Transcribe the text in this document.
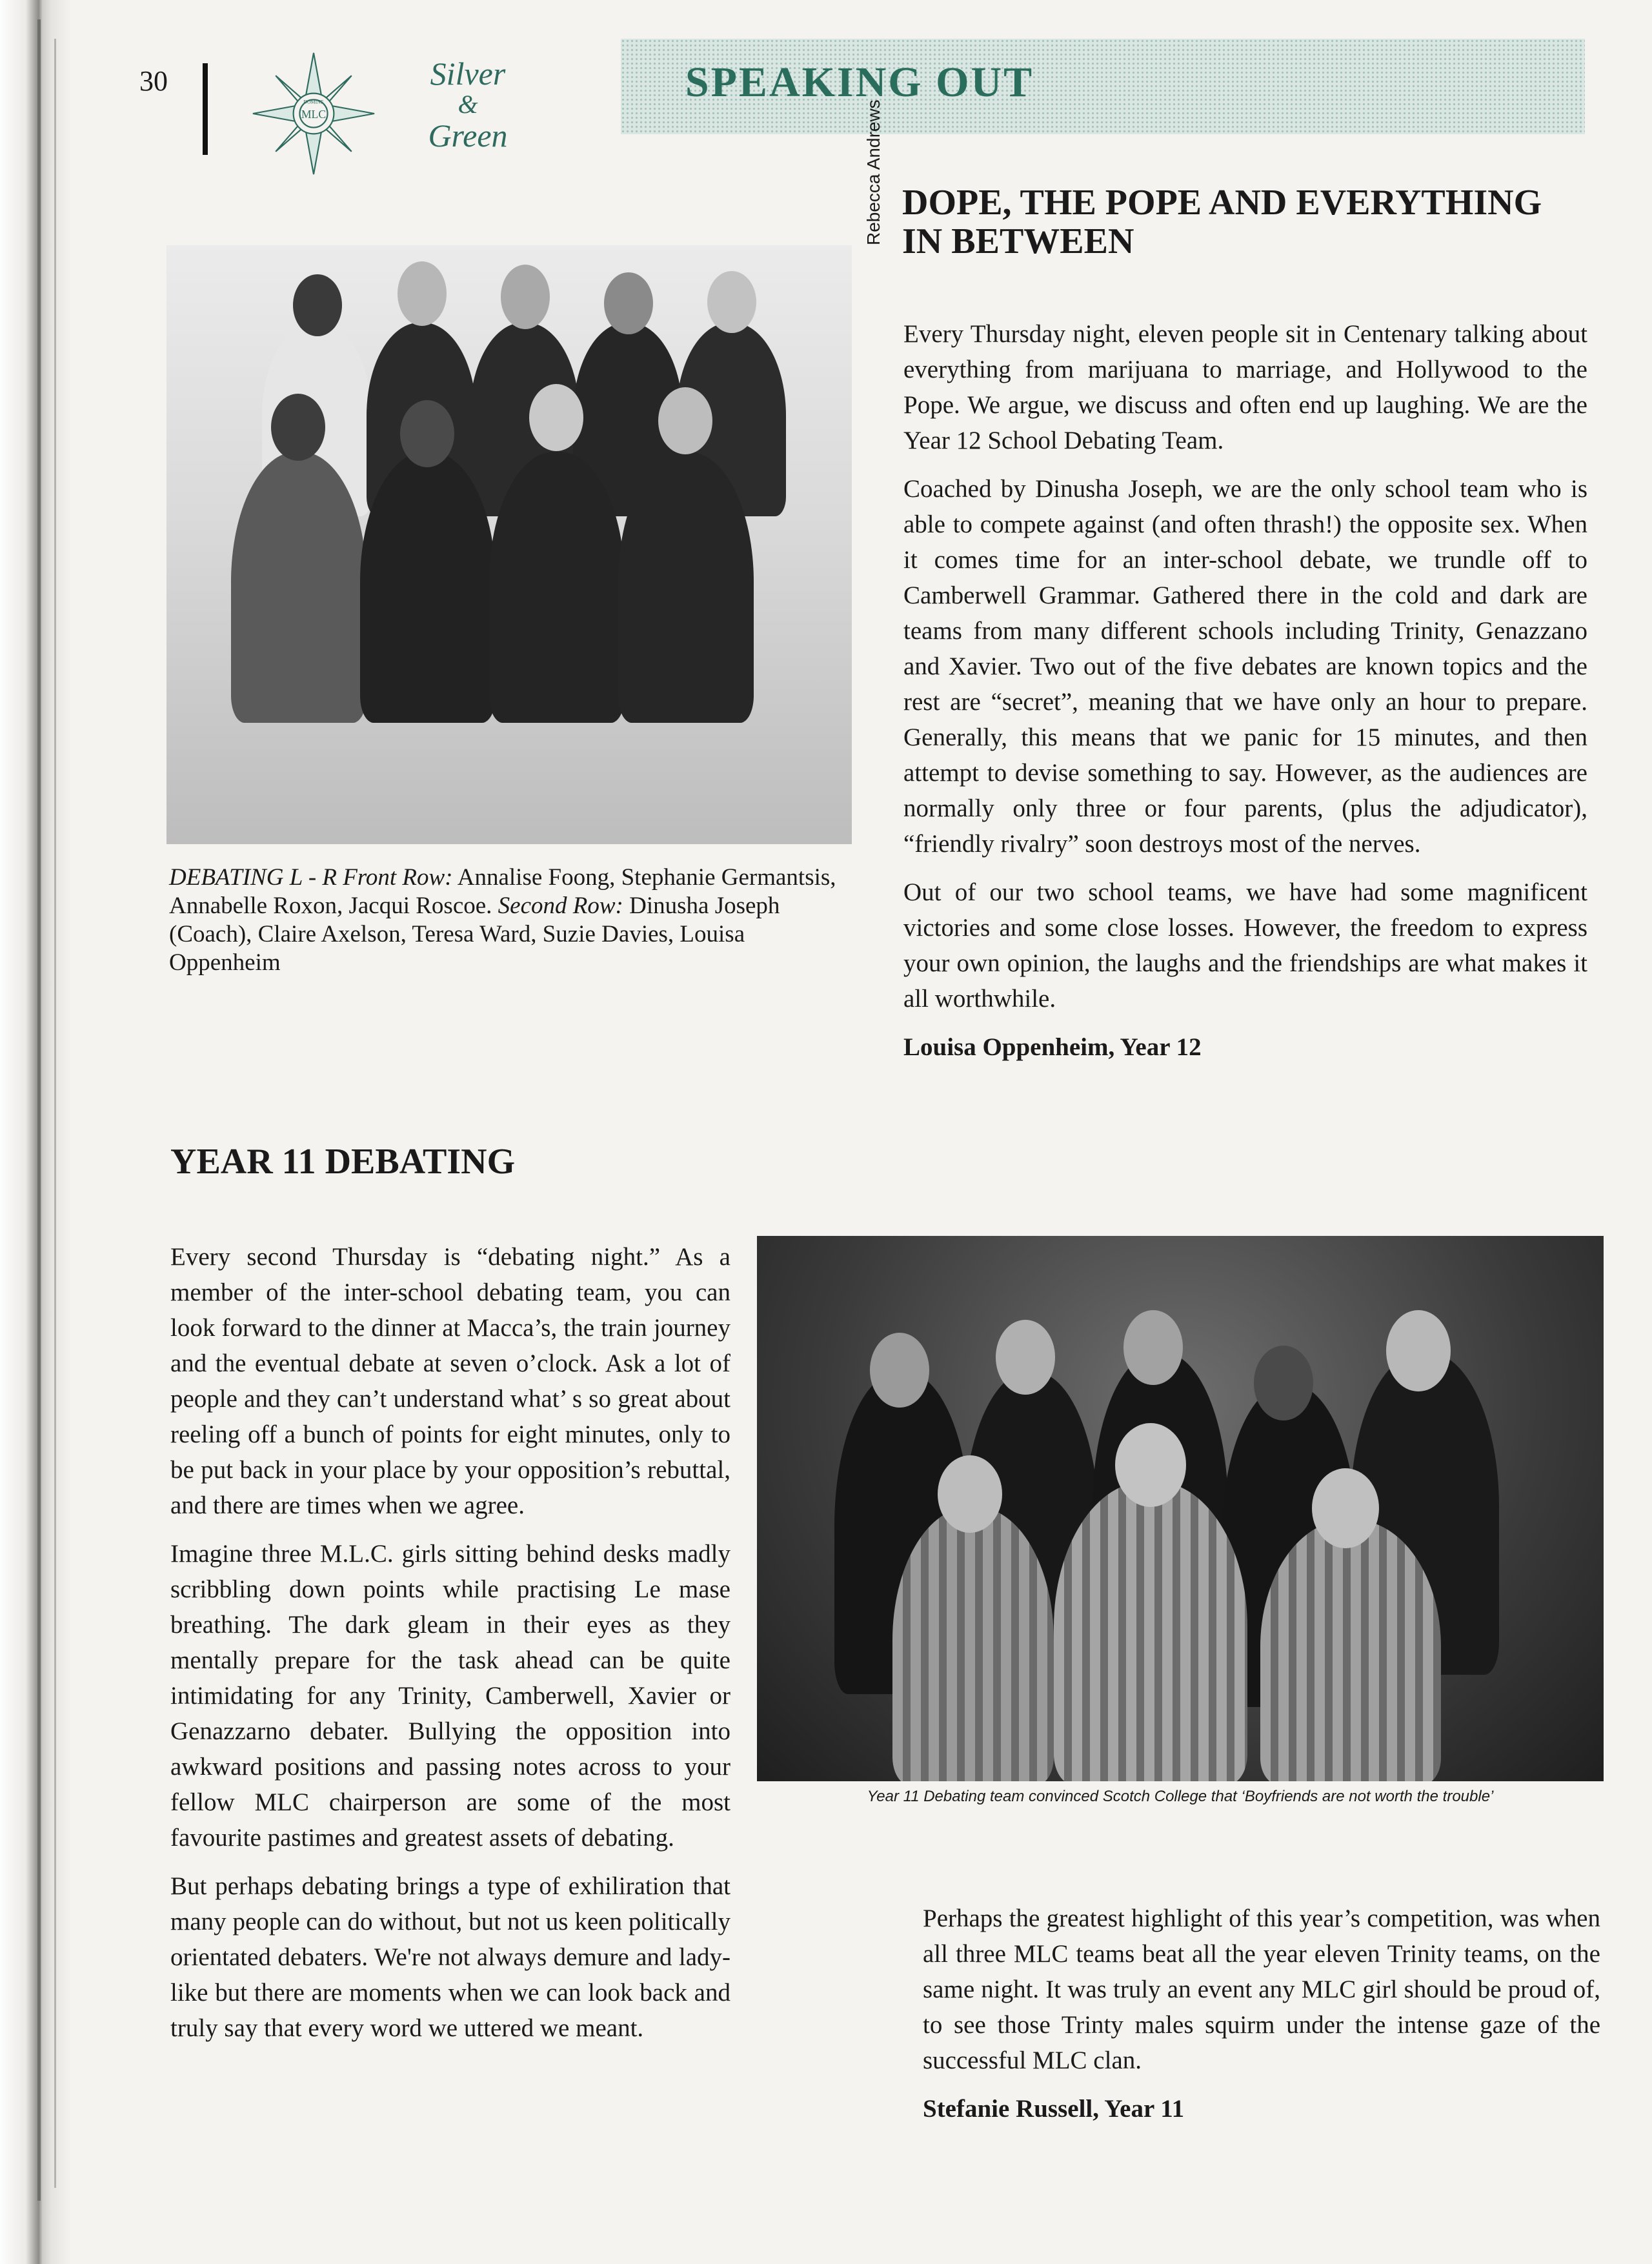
30
MLC
DOMINE
Silver
&
Green
SPEAKING OUT
Rebecca Andrews
DEBATING L - R Front Row: Annalise Foong, Stephanie Germantsis, Annabelle Roxon, Jacqui Roscoe. Second Row: Dinusha Joseph (Coach), Claire Axelson, Teresa Ward, Suzie Davies, Louisa Oppenheim
DOPE, THE POPE AND EVERYTHING IN BETWEEN

Every Thursday night, eleven people sit in Centenary talking about everything from marijuana to marriage, and Hollywood to the Pope. We argue, we discuss and often end up laughing. We are the Year 12 School Debating Team.

Coached by Dinusha Joseph, we are the only school team who is able to compete against (and often thrash!) the opposite sex. When it comes time for an inter-school debate, we trundle off to Camberwell Grammar. Gathered there in the cold and dark are teams from many different schools including Trinity, Genazzano and Xavier. Two out of the five debates are known topics and the rest are “secret”, meaning that we have only an hour to prepare. Generally, this means that we panic for 15 minutes, and then attempt to devise something to say. However, as the audiences are normally only three or four parents, (plus the adjudicator), “friendly rivalry” soon destroys most of the nerves.

Out of our two school teams, we have had some magnificent victories and some close losses. However, the freedom to express your own opinion, the laughs and the friendships are what makes it all worthwhile.

Louisa Oppenheim, Year 12
YEAR 11 DEBATING

Every second Thursday is “debating night.” As a member of the inter-school debating team, you can look forward to the dinner at Macca’s, the train journey and the eventual debate at seven o’clock. Ask a lot of people and they can’t understand what’ s so great about reeling off a bunch of points for eight minutes, only to be put back in your place by your opposition’s rebuttal, and there are times when we agree.

Imagine three M.L.C. girls sitting behind desks madly scribbling down points while practising Le mase breathing. The dark gleam in their eyes as they mentally prepare for the task ahead can be quite intimidating for any Trinity, Camberwell, Xavier or Genazzarno debater. Bullying the opposition into awkward positions and passing notes across to your fellow MLC chairperson are some of the most favourite pastimes and greatest assets of debating.

But perhaps debating brings a type of exhiliration that many people can do without, but not us keen politically orientated debaters. We're not always demure and lady-like but there are moments when we can look back and truly say that every word we uttered we meant.

Year 11 Debating team convinced Scotch College that ‘Boyfriends are not worth the trouble’

Perhaps the greatest highlight of this year’s competition, was when all three MLC teams beat all the year eleven Trinity teams, on the same night. It was truly an event any MLC girl should be proud of, to see those Trinty males squirm under the intense gaze of the successful MLC clan.

Stefanie Russell, Year 11
